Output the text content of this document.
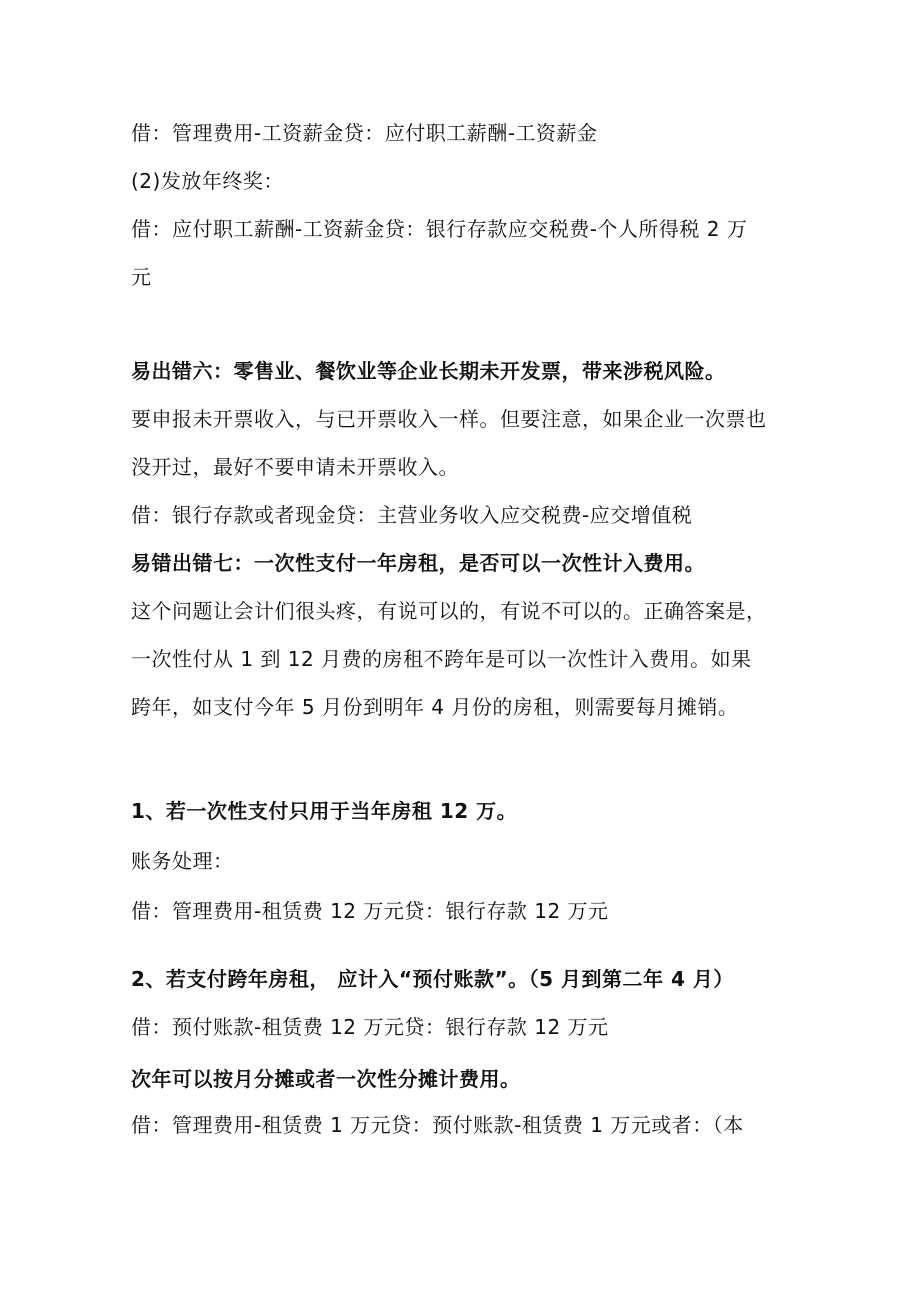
借：管理费用-工资薪金贷：应付职工薪酬-工资薪金
(2)发放年终奖：
借：应付职工薪酬-工资薪金贷：银行存款应交税费-个人所得税 2 万
元
易出错六：零售业、餐饮业等企业长期未开发票，带来涉税风险。
要申报未开票收入，与已开票收入一样。但要注意，如果企业一次票也
没开过，最好不要申请未开票收入。
借：银行存款或者现金贷：主营业务收入应交税费-应交增值税
易错出错七：一次性支付一年房租，是否可以一次性计入费用。
这个问题让会计们很头疼，有说可以的，有说不可以的。正确答案是，
一次性付从 1 到 12 月费的房租不跨年是可以一次性计入费用。如果
跨年，如支付今年 5 月份到明年 4 月份的房租，则需要每月摊销。
1、若一次性支付只用于当年房租 12 万。
账务处理：
借：管理费用-租赁费 12 万元贷：银行存款 12 万元
2、若支付跨年房租， 应计入“预付账款”。（5 月到第二年 4 月）
借：预付账款-租赁费 12 万元贷：银行存款 12 万元
次年可以按月分摊或者一次性分摊计费用。
借：管理费用-租赁费 1 万元贷：预付账款-租赁费 1 万元或者：（本
